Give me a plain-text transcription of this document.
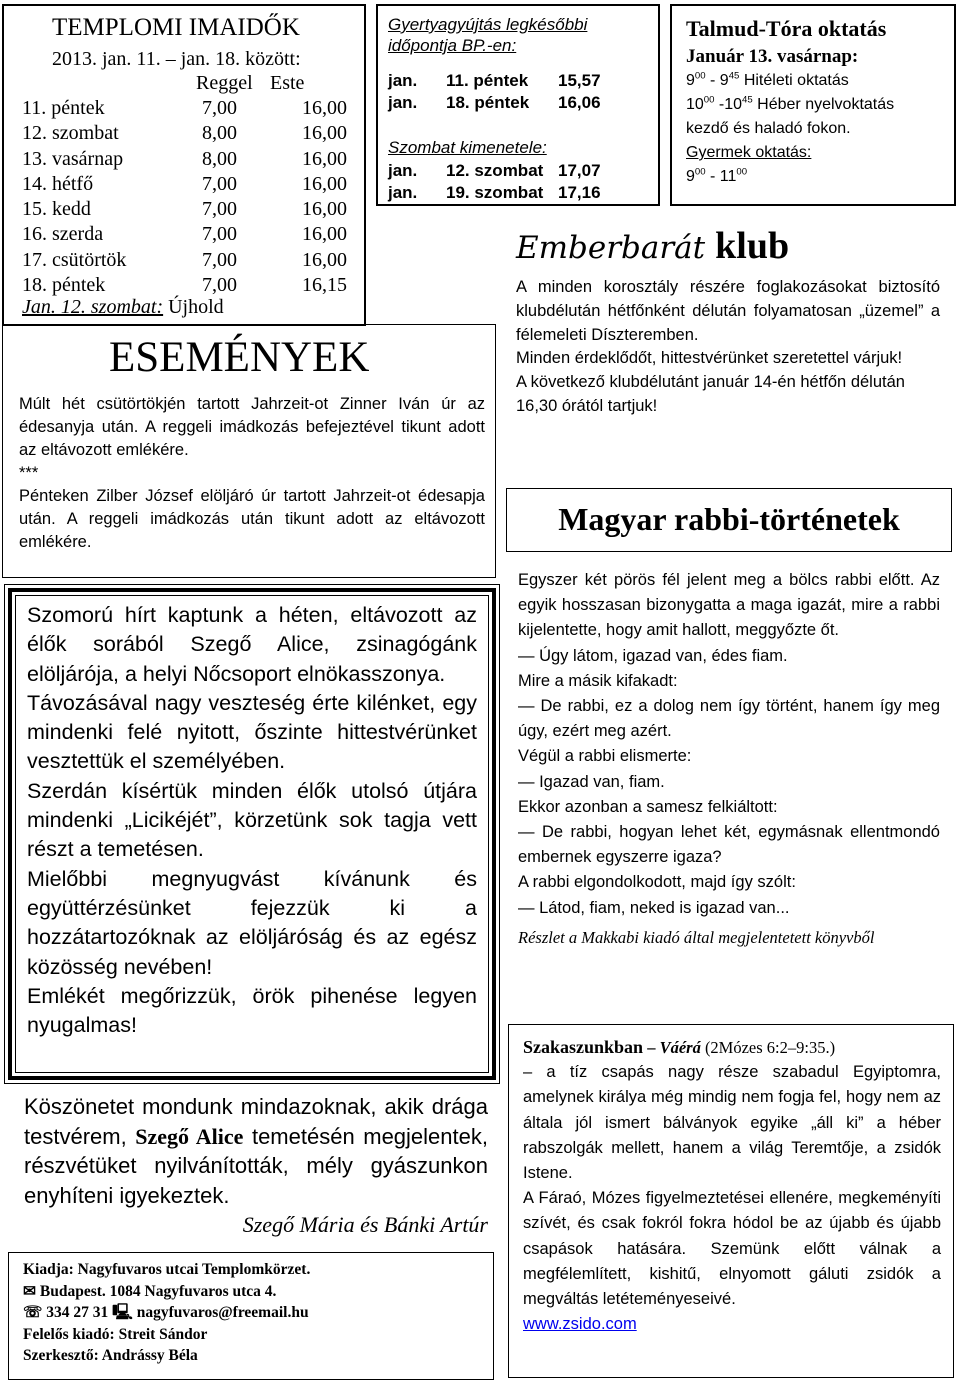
TEMPLOMI IMAIDŐK
2013. jan. 11. – jan. 18. között:
Reggel Este
11. péntek	7,00	16,00
12. szombat	8,00	16,00
13. vasárnap	8,00	16,00
14. hétfő	7,00	16,00
15. kedd	7,00	16,00
16. szerda	7,00	16,00
17. csütörtök	7,00	16,00
18. péntek	7,00	16,15
Jan. 12. szombat: Újhold
Gyertyagyújtás legkésőbbi időpontja BP.-en:
jan.	11. péntek	15,57
jan.	18. péntek	16,06
Szombat kimenetele:
jan.	12. szombat 17,07
jan.	19. szombat 17,16
Talmud-Tóra oktatás
Január 13. vasárnap:
$9^{00} - 9^{45}$ Hitéleti oktatás
$10^{00}$ $-10^{45}$ Héber nyelvoktatás
kezdő és haladó fokon.
Gyermek oktatás:
$9^{00} - 11^{00}$
ESEMÉNYEK

Múlt hét csütörtökjén tartott Jahrzeit-ot Zinner Iván úr az édesanyja után. A reggeli imádkozás befejeztével tikunt adott az eltávozott emlékére.

***

Pénteken Zilber József elöljáró úr tartott Jahrzeit-ot édesapja után. A reggeli imádkozás után tikunt adott az eltávozott emlékére.

Emberbarát klub

A minden korosztály részére foglakozásokat biztosító klubdélután hétfőnként délután folyamatosan „üzemel” a félemeleti Díszteremben.

Minden érdeklődőt, hittestvérünket szeretettel várjuk!

A következő klubdélutánt január 14-én hétfőn délután 16,30 órától tartjuk!

Szomorú hírt kaptunk a héten, eltávozott az élők sorából Szegő Alice, zsinagógánk elöljárója, a helyi Nőcsoport elnökasszonya.

Távozásával nagy veszteség érte kilénket, egy mindenki felé nyitott, őszinte hittestvérünket vesztettük el személyében.

Szerdán kísértük minden élők utolsó útjára mindenki „Licikéjét”, körzetünk sok tagja vett részt a temetésen.

Mielőbbi megnyugvást kívánunk és együttérzésünket fejezzük ki a hozzátartozóknak az elöljáróság és az egész közösség nevében!

Emlékét megőrizzük, örök pihenése legyen nyugalmas!

Köszönetet mondunk mindazoknak, akik drága testvérem, Szegő Alice temetésén megjelentek, részvétüket nyilvánították, mély gyászunkon enyhíteni igyekeztek.

Szegő Mária és Bánki Artúr

Kiadja: Nagyfuvaros utcai Templomkörzet.
✉ Budapest. 1084 Nagyfuvaros utca 4.
☏ 334 27 31 🖳 nagyfuvaros@freemail.hu
Felelős kiadó: Streit Sándor
Szerkesztő: Andrássy Béla
Magyar rabbi-történetek

Egyszer két pörös fél jelent meg a bölcs rabbi előtt. Az egyik hosszasan bizonygatta a maga igazát, mire a rabbi kijelentette, hogy amit hallott, meggyőzte őt.

— Úgy látom, igazad van, édes fiam.

Mire a másik kifakadt:

— De rabbi, ez a dolog nem így történt, hanem így meg úgy, ezért meg azért.

Végül a rabbi elismerte:

— Igazad van, fiam.

Ekkor azonban a samesz felkiáltott:

— De rabbi, hogyan lehet két, egymásnak ellentmondó embernek egyszerre igaza?

A rabbi elgondolkodott, majd így szólt:

— Látod, fiam, neked is igazad van...

Részlet a Makkabi kiadó által megjelentetett könyvből

Szakaszunkban – Váérá (2Mózes 6:2–9:35.)

– a tíz csapás nagy része szabadul Egyiptomra, amelynek királya még mindig nem fogja fel, hogy nem az általa jól ismert bálványok egyike „áll ki” a héber rabszolgák mellett, hanem a világ Teremtője, a zsidók Istene.

A Fáraó, Mózes figyelmeztetései ellenére, megkeményíti szívét, és csak fokról fokra hódol be az újabb és újabb csapások hatására. Szemünk előtt válnak a megfélemlített, kishitű, elnyomott gáluti zsidók a megváltás letéteményeseivé.

www.zsido.com
